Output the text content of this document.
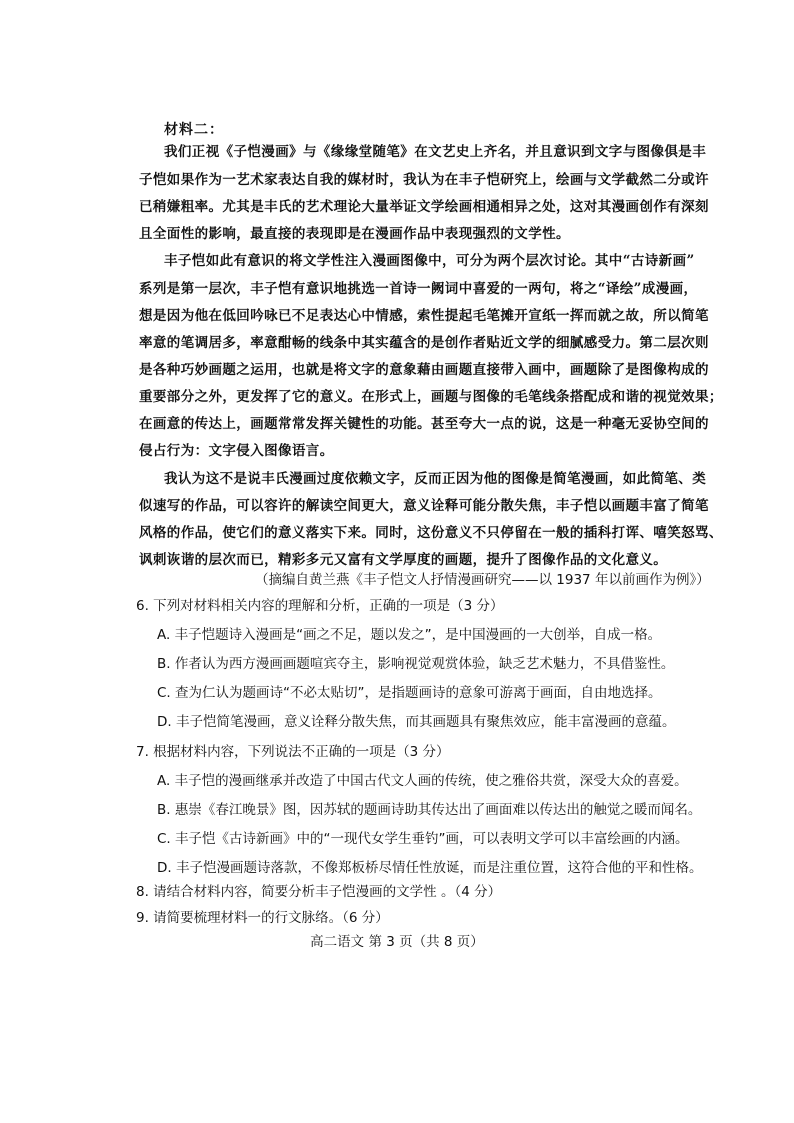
材料二：
我们正视《子恺漫画》与《缘缘堂随笔》在文艺史上齐名，并且意识到文字与图像俱是丰
子恺如果作为一艺术家表达自我的媒材时，我认为在丰子恺研究上，绘画与文学截然二分或许
已稍嫌粗率。尤其是丰氏的艺术理论大量举证文学绘画相通相异之处，这对其漫画创作有深刻
且全面性的影响，最直接的表现即是在漫画作品中表现强烈的文学性。
丰子恺如此有意识的将文学性注入漫画图像中，可分为两个层次讨论。其中“古诗新画”
系列是第一层次，丰子恺有意识地挑选一首诗一阙词中喜爱的一两句，将之“译绘”成漫画，
想是因为他在低回吟咏已不足表达心中情感，索性提起毛笔摊开宣纸一挥而就之故，所以简笔
率意的笔调居多，率意酣畅的线条中其实蕴含的是创作者贴近文学的细腻感受力。第二层次则
是各种巧妙画题之运用，也就是将文字的意象藉由画题直接带入画中，画题除了是图像构成的
重要部分之外，更发挥了它的意义。在形式上，画题与图像的毛笔线条搭配成和谐的视觉效果；
在画意的传达上，画题常常发挥关键性的功能。甚至夸大一点的说，这是一种毫无妥协空间的
侵占行为：文字侵入图像语言。
我认为这不是说丰氏漫画过度依赖文字，反而正因为他的图像是简笔漫画，如此简笔、类
似速写的作品，可以容许的解读空间更大，意义诠释可能分散失焦，丰子恺以画题丰富了简笔
风格的作品，使它们的意义落实下来。同时，这份意义不只停留在一般的插科打诨、嘻笑怒骂、
讽刺诙谐的层次而已，精彩多元又富有文学厚度的画题，提升了图像作品的文化意义。
（摘编自黄兰燕《丰子恺文人抒情漫画研究——以 1937 年以前画作为例》）
6. 下列对材料相关内容的理解和分析，正确的一项是（3 分）
A. 丰子恺题诗入漫画是“画之不足，题以发之”，是中国漫画的一大创举，自成一格。
B. 作者认为西方漫画画题喧宾夺主，影响视觉观赏体验，缺乏艺术魅力，不具借鉴性。
C. 查为仁认为题画诗“不必太贴切”，是指题画诗的意象可游离于画面，自由地选择。
D. 丰子恺简笔漫画，意义诠释分散失焦，而其画题具有聚焦效应，能丰富漫画的意蕴。
7. 根据材料内容，下列说法不正确的一项是（3 分）
A. 丰子恺的漫画继承并改造了中国古代文人画的传统，使之雅俗共赏，深受大众的喜爱。
B. 惠崇《春江晚景》图，因苏轼的题画诗助其传达出了画面难以传达出的触觉之暖而闻名。
C. 丰子恺《古诗新画》中的“一现代女学生垂钓”画，可以表明文学可以丰富绘画的内涵。
D. 丰子恺漫画题诗落款，不像郑板桥尽情任性放诞，而是注重位置，这符合他的平和性格。
8. 请结合材料内容，简要分析丰子恺漫画的文学性 。（4 分）
9. 请简要梳理材料一的行文脉络。（6 分）
高二语文 第 3 页（共 8 页）
